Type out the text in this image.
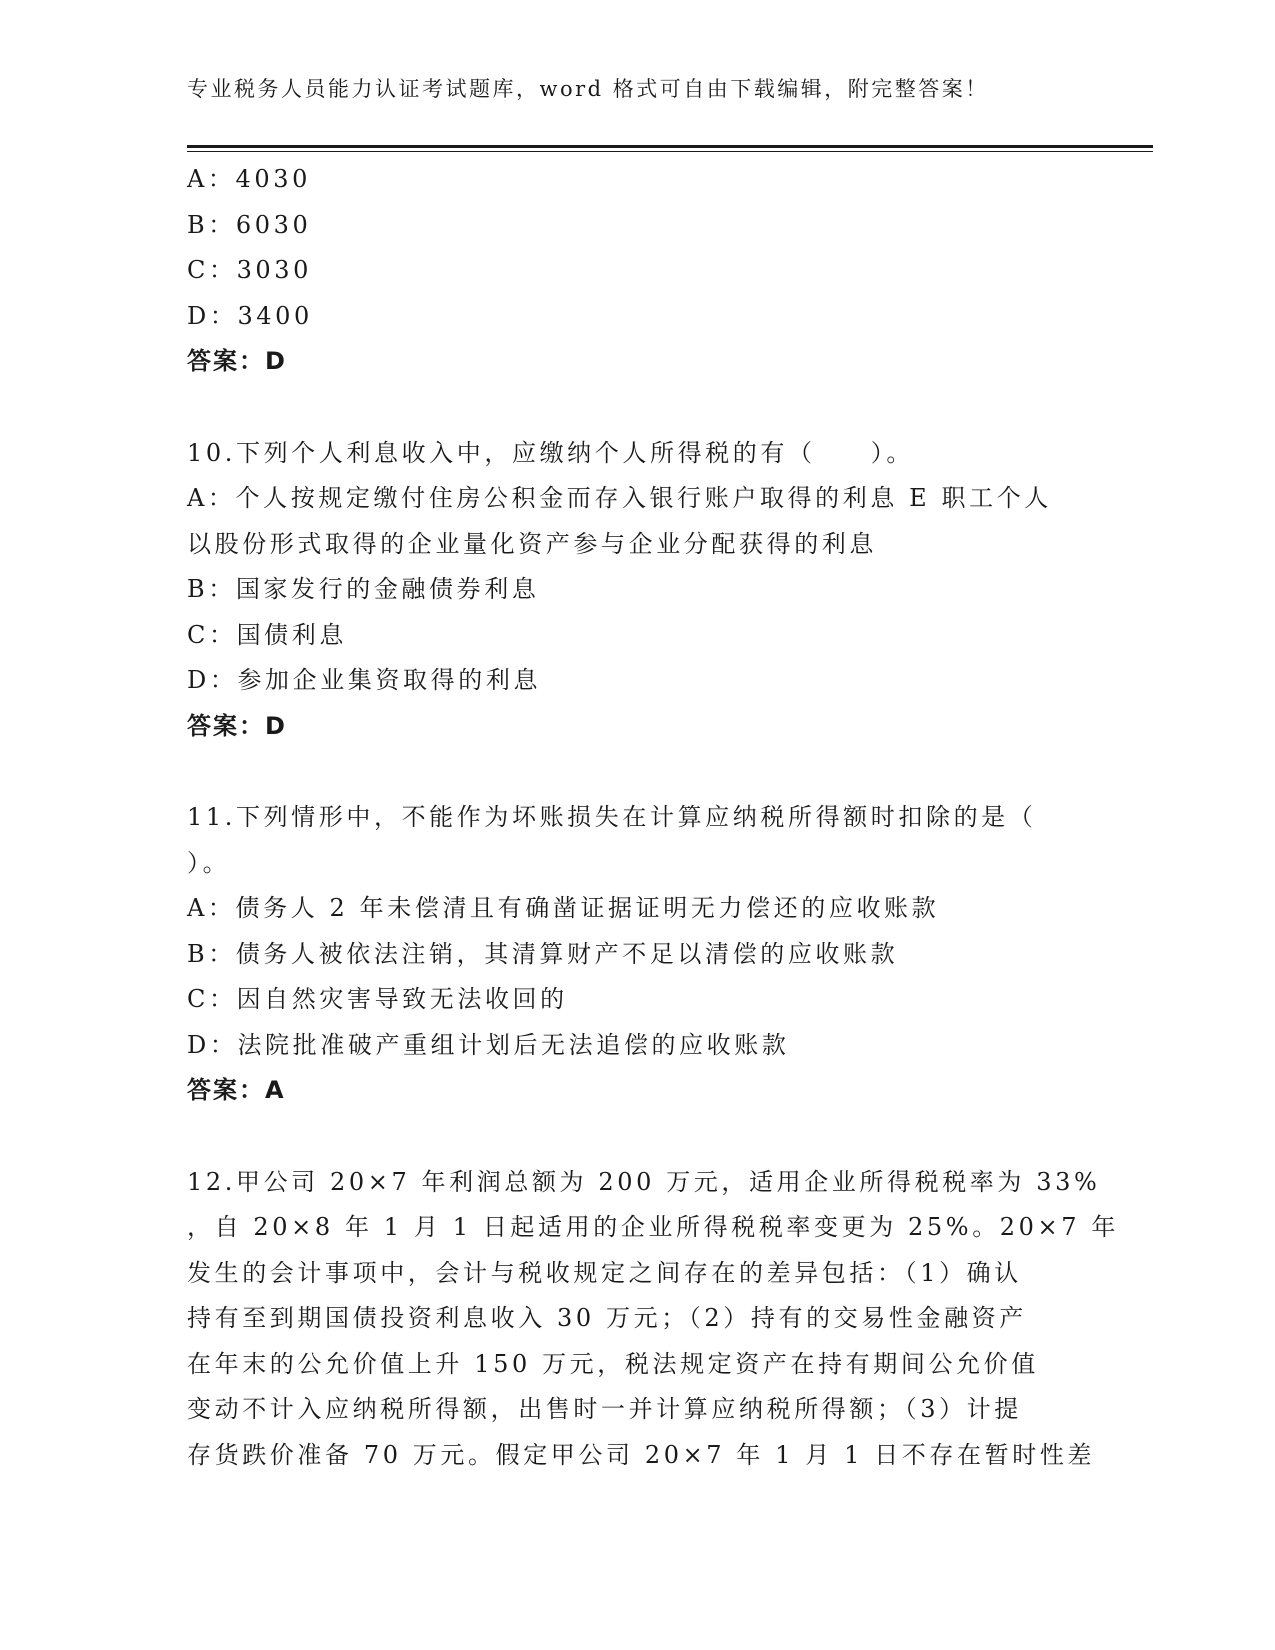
专业税务人员能力认证考试题库，word 格式可自由下载编辑，附完整答案！
A：4030
B：6030
C：3030
D：3400
答案：D
10.下列个人利息收入中，应缴纳个人所得税的有（　　）。
A：个人按规定缴付住房公积金而存入银行账户取得的利息 E 职工个人
以股份形式取得的企业量化资产参与企业分配获得的利息
B：国家发行的金融债券利息
C：国债利息
D：参加企业集资取得的利息
答案：D
11.下列情形中，不能作为坏账损失在计算应纳税所得额时扣除的是（
）。
A：债务人 2 年未偿清且有确凿证据证明无力偿还的应收账款
B：债务人被依法注销，其清算财产不足以清偿的应收账款
C：因自然灾害导致无法收回的
D：法院批准破产重组计划后无法追偿的应收账款
答案：A
12.甲公司 20×7 年利润总额为 200 万元，适用企业所得税税率为 33%
，自 20×8 年 1 月 1 日起适用的企业所得税税率变更为 25%。20×7 年
发生的会计事项中，会计与税收规定之间存在的差异包括：（1）确认
持有至到期国债投资利息收入 30 万元；（2）持有的交易性金融资产
在年末的公允价值上升 150 万元，税法规定资产在持有期间公允价值
变动不计入应纳税所得额，出售时一并计算应纳税所得额；（3）计提
存货跌价准备 70 万元。假定甲公司 20×7 年 1 月 1 日不存在暂时性差
